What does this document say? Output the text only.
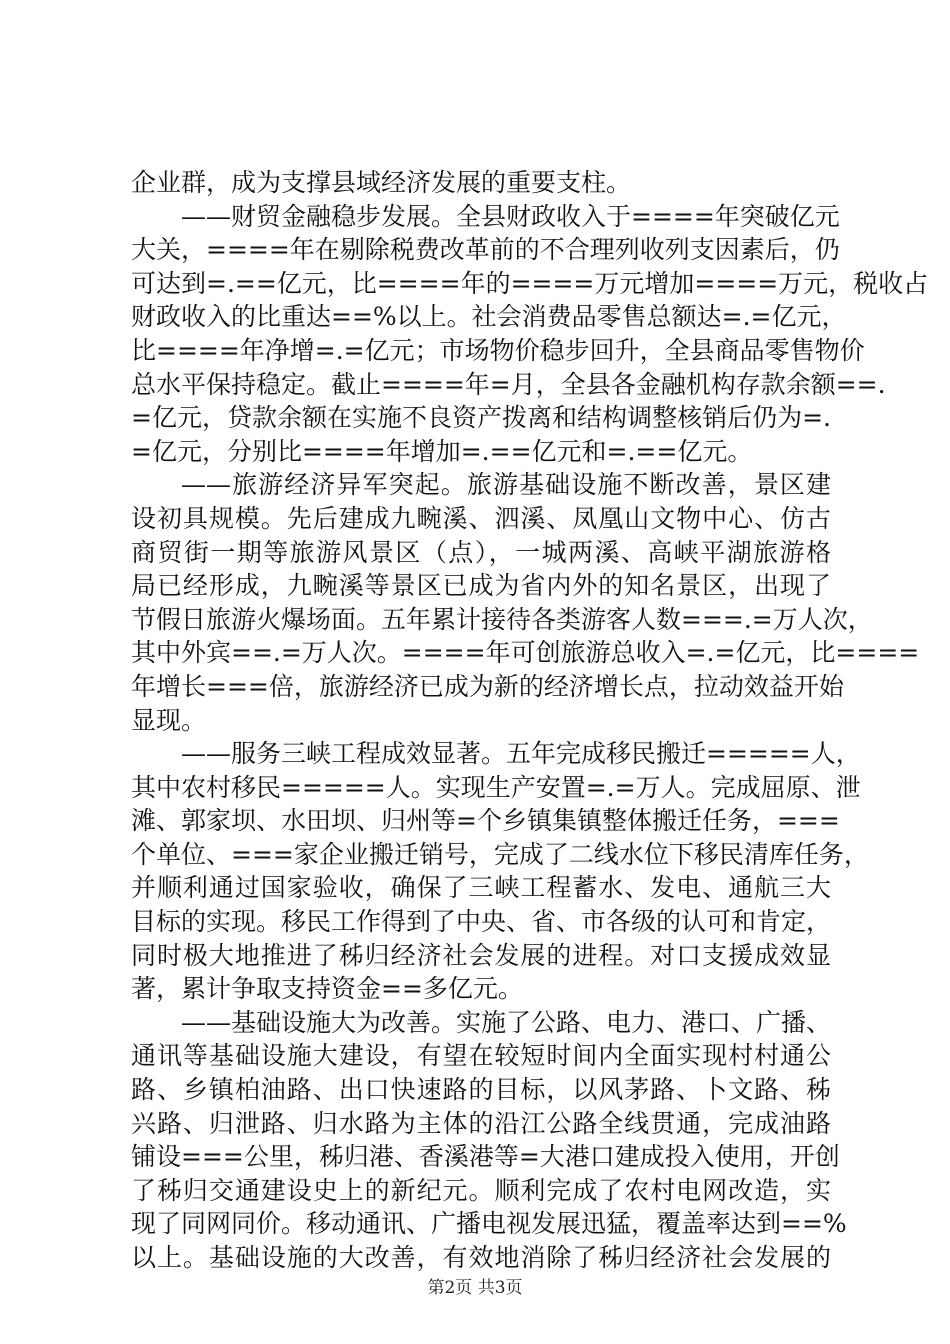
企业群，成为支撑县域经济发展的重要支柱。
——财贸金融稳步发展。全县财政收入于====年突破亿元
大关，====年在剔除税费改革前的不合理列收列支因素后，仍
可达到=.==亿元，比====年的====万元增加====万元，税收占
财政收入的比重达==%以上。社会消费品零售总额达=.=亿元，
比====年净增=.=亿元；市场物价稳步回升，全县商品零售物价
总水平保持稳定。截止====年=月，全县各金融机构存款余额==.
=亿元，贷款余额在实施不良资产拨离和结构调整核销后仍为=.
=亿元，分别比====年增加=.==亿元和=.==亿元。
——旅游经济异军突起。旅游基础设施不断改善，景区建
设初具规模。先后建成九畹溪、泗溪、凤凰山文物中心、仿古
商贸街一期等旅游风景区（点），一城两溪、高峡平湖旅游格
局已经形成，九畹溪等景区已成为省内外的知名景区，出现了
节假日旅游火爆场面。五年累计接待各类游客人数===.=万人次，
其中外宾==.=万人次。====年可创旅游总收入=.=亿元，比====
年增长===倍，旅游经济已成为新的经济增长点，拉动效益开始
显现。
——服务三峡工程成效显著。五年完成移民搬迁=====人，
其中农村移民=====人。实现生产安置=.=万人。完成屈原、泄
滩、郭家坝、水田坝、归州等=个乡镇集镇整体搬迁任务，===
个单位、===家企业搬迁销号，完成了二线水位下移民清库任务，
并顺利通过国家验收，确保了三峡工程蓄水、发电、通航三大
目标的实现。移民工作得到了中央、省、市各级的认可和肯定，
同时极大地推进了秭归经济社会发展的进程。对口支援成效显
著，累计争取支持资金==多亿元。
——基础设施大为改善。实施了公路、电力、港口、广播、
通讯等基础设施大建设，有望在较短时间内全面实现村村通公
路、乡镇柏油路、出口快速路的目标，以风茅路、卜文路、秭
兴路、归泄路、归水路为主体的沿江公路全线贯通，完成油路
铺设===公里，秭归港、香溪港等=大港口建成投入使用，开创
了秭归交通建设史上的新纪元。顺利完成了农村电网改造，实
现了同网同价。移动通讯、广播电视发展迅猛，覆盖率达到==%
以上。基础设施的大改善，有效地消除了秭归经济社会发展的
第2页 共3页
